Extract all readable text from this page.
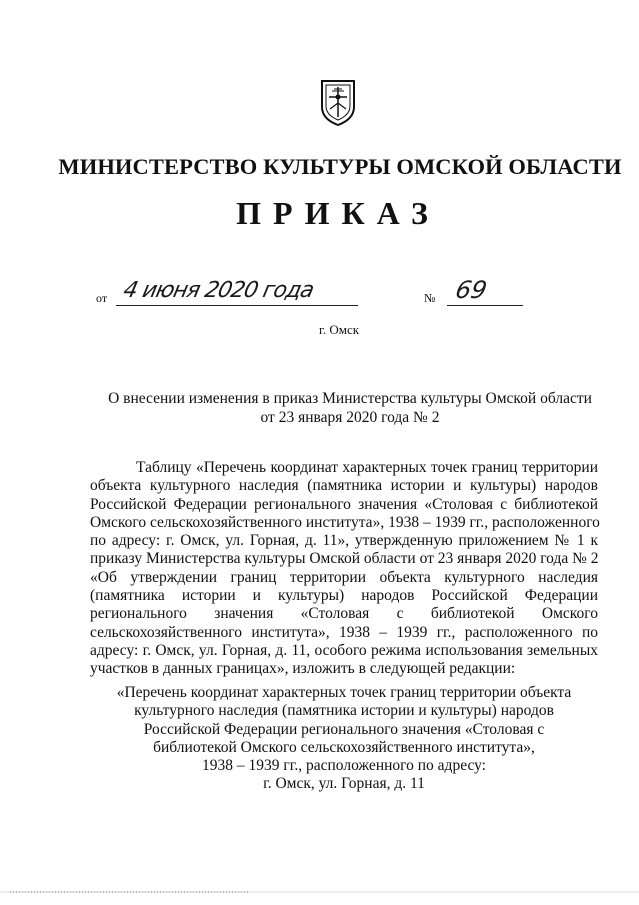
МИНИСТЕРСТВО КУЛЬТУРЫ ОМСКОЙ ОБЛАСТИ
ПРИКАЗ
от 4 июня 2020 года	№ 69
г. Омск
О внесении изменения в приказ Министерства культуры Омской области
от 23 января 2020 года № 2
Таблицу «Перечень координат характерных точек границ территории
объекта культурного наследия (памятника истории и культуры) народов
Российской Федерации регионального значения «Столовая с библиотекой
Омского сельскохозяйственного института», 1938 – 1939 гг., расположенного
по адресу: г. Омск, ул. Горная, д. 11», утвержденную приложением № 1 к
приказу Министерства культуры Омской области от 23 января 2020 года № 2
«Об утверждении границ территории объекта культурного наследия
(памятника истории и культуры) народов Российской Федерации
регионального значения «Столовая с библиотекой Омского
сельскохозяйственного института», 1938 – 1939 гг., расположенного по
адресу: г. Омск, ул. Горная, д. 11, особого режима использования земельных
участков в данных границах», изложить в следующей редакции:
«Перечень координат характерных точек границ территории объекта
культурного наследия (памятника истории и культуры) народов
Российской Федерации регионального значения «Столовая с
библиотекой Омского сельскохозяйственного института»,
1938 – 1939 гг., расположенного по адресу:
г. Омск, ул. Горная, д. 11
